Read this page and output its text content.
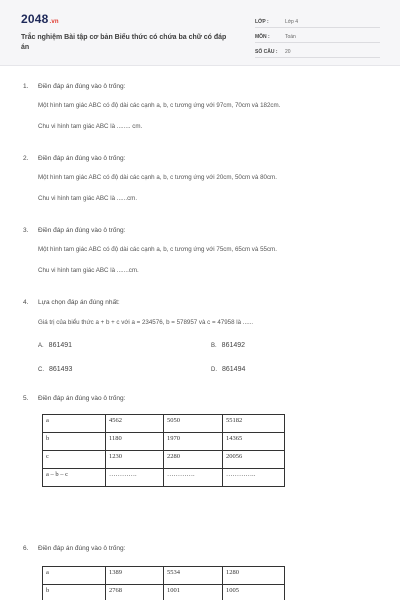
2048.vn
Trắc nghiệm Bài tập cơ bản Biểu thức có chứa ba chữ có đáp án
LỚP :	Lớp 4
MÔN :	Toán
SỐ CÂU : 20
1. Điền đáp án đúng vào ô trống:
Một hình tam giác ABC có độ dài các cạnh a, b, c tương ứng với 97cm, 70cm và 182cm.
Chu vi hình tam giác ABC là ........ cm.
2. Điền đáp án đúng vào ô trống:
Một hình tam giác ABC có độ dài các cạnh a, b, c tương ứng với 20cm, 50cm và 80cm.
Chu vi hình tam giác ABC là ......cm.
3. Điền đáp án đúng vào ô trống:
Một hình tam giác ABC có độ dài các cạnh a, b, c tương ứng với 75cm, 65cm và 55cm.
Chu vi hình tam giác ABC là .......cm.
4. Lựa chọn đáp án đúng nhất:
Giá trị của biểu thức a + b + c với a = 234576, b = 578957 và c = 47958 là ......
A. 861491	B. 861492
C. 861493	D. 861494
5. Điền đáp án đúng vào ô trống:
a	4562	5050	55182
b	1180	1970	14365
c	1230	2280	20056
a – b – c	………….	………….	…………..
6. Điền đáp án đúng vào ô trống:
a	1389	5534	1280
b	2768	1001	1005
